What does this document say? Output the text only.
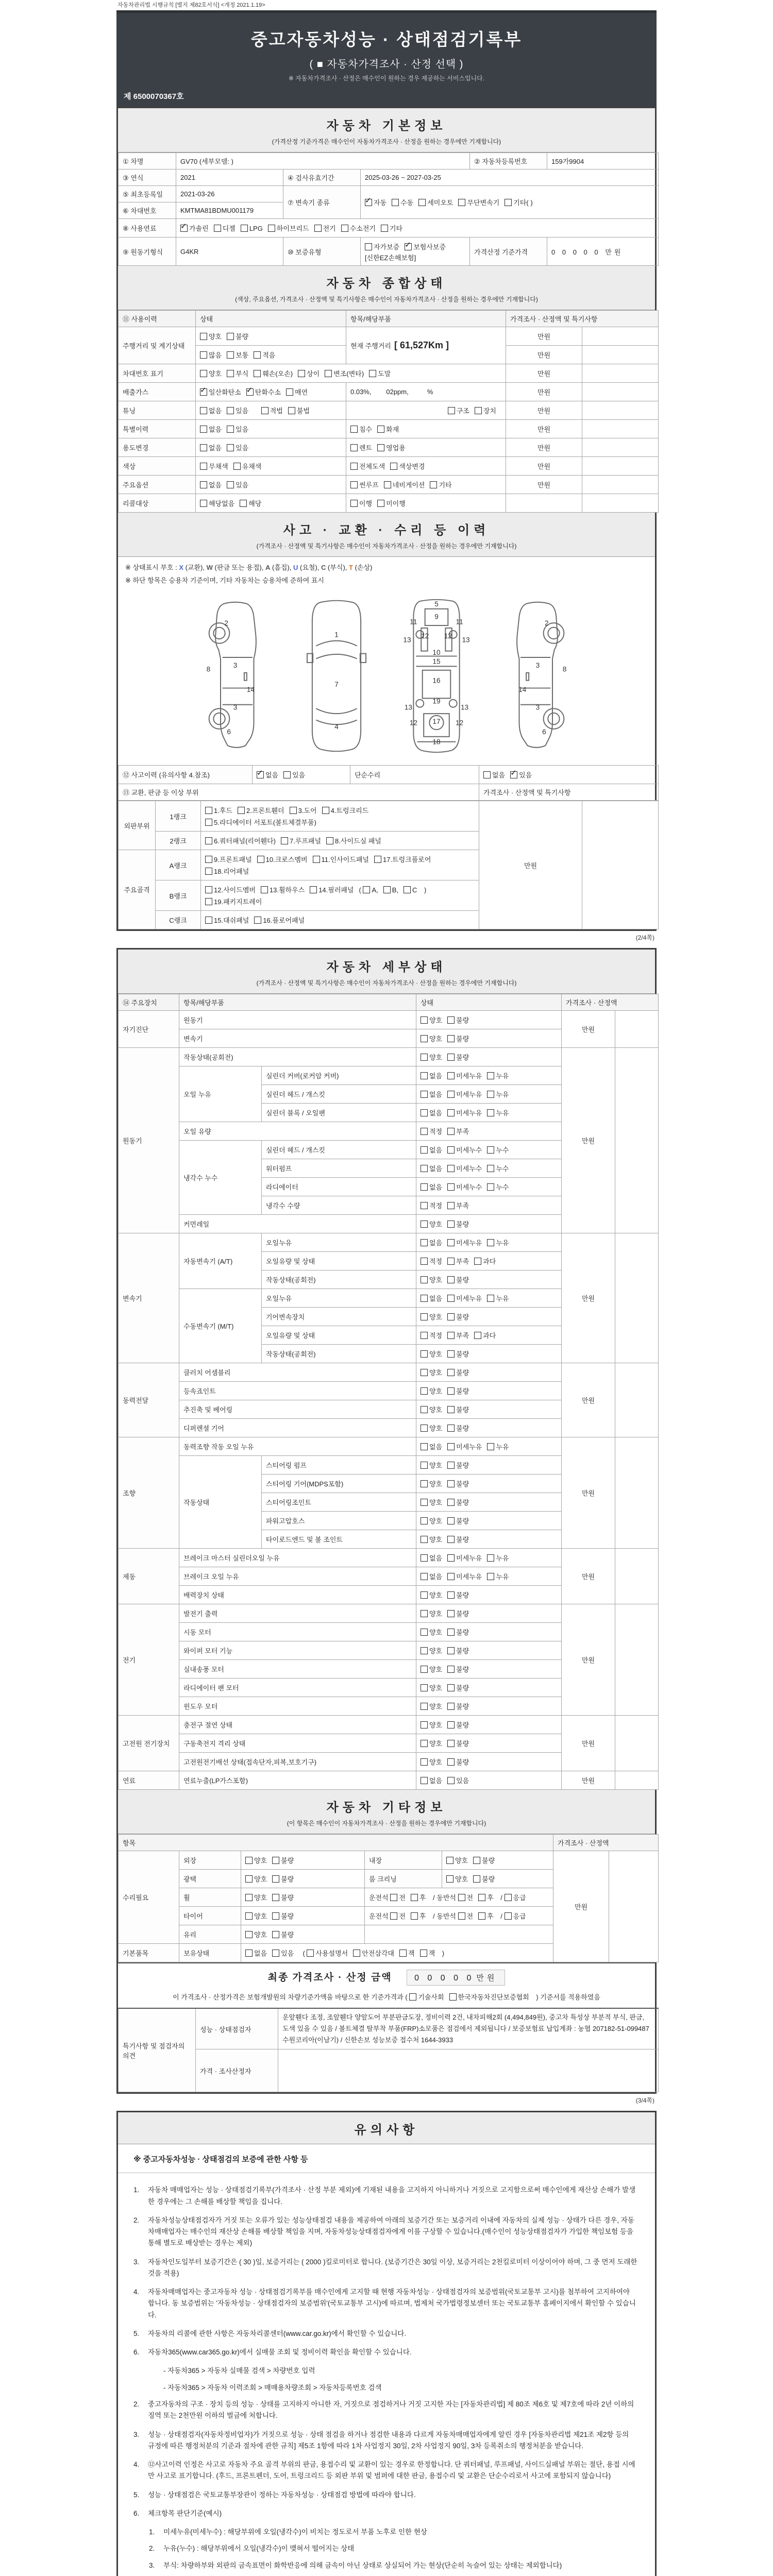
자동차관리법 시행규칙 [별지 제82호서식] <개정 2021.1.19>
중고자동차성능 · 상태점검기록부
( ■ 자동차가격조사 · 산정 선택 )
※ 자동차가격조사 · 산정은 매수인이 원하는 경우 제공하는 서비스입니다.
제 6500070367호
자동차 기본정보
(가격산정 기준가격은 매수인이 자동차가격조사 · 산정을 원하는 경우에만 기재합니다)
① 차명	GV70 (세부모델: )			② 자동차등록번호	159가9904
③ 연식	2021	④ 검사유효기간	2025-03-26 ~ 2027-03-25		
⑤ 최초등록일	2021-03-26	⑦ 변속기 종류	✓자동 수동 세미오토 무단변속기 기타( )
⑥ 차대번호	KMTMA81BDMU001179				
⑧ 사용연료	✓가솔린 디젤 LPG 하이브리드 전기 수소전기 기타
⑨ 원동기형식	G4KR	⑩ 보증유형	자가보증 ✓ 보험사보증[신한EZ손해보험]	가격산정 기준가격	0 0 0 0 0 만원
자동차 종합상태
(색상, 주요옵션, 가격조사 · 산정액 및 특기사항은 매수인이 자동차가격조사 · 산정을 원하는 경우에만 기재합니다)
⑪ 사용이력	상태	항목/해당부품	가격조사 · 산정액 및 특기사항	
주행거리 및 계기상태	양호 불량	현재 주행거리 [ 61,527Km ]	만원	
	많음 보통 적음		만원	
차대번호 표기	양호 부식 훼손(오손) 상이 변조(변타) 도말		만원	
배출가스	✓일산화탄소 ✓ 탄화수소 매연	0.03%,        02ppm,          %	만원	
튜닝	없음 있음 적법 불법	구조 장치	만원	
특별이력	없음 있음	침수 화재	만원	
용도변경	없음 있음	렌트 영업용	만원	
색상	무채색 유채색	전체도색 색상변경	만원	
주요옵션	없음 있음	썬루프 네비게이션 기타	만원	
리콜대상	해당없음 해당	이행 미이행		
사고 · 교환 · 수리 등 이력
(가격조사 · 산정액 및 특기사항은 매수인이 자동차가격조사 · 산정을 원하는 경우에만 기재합니다)
※ 상태표시 부호 : X (교환), W (판금 또는 용접), A (흠집), U (요철), C (부식), T (손상)
※ 하단 항목은 승용차 기준이며, 기타 자동차는 승용차에 준하여 표시
2
8	3
14
3
6
1
7
4
5
11
9
11
13 12	12 13
10
15
16
19
13	13
12	12
17
18
2
8
3
14
3
6
⑫ 사고이력 (유의사항 4.참조)	✓없음 있음	단순수리	없음 ✓ 있음
⑬ 교환, 판금 등 이상 부위			가격조사 · 산정액 및 특기사항
외판부위	1랭크	1.후드 2.프론트휀더 3.도어 4.트렁크리드5.라디에이터 서포트(볼트체결부품)	만원	
	2랭크	6.쿼터패널(리어휀다) 7.루프패널 8.사이드실 패널		
주요골격	A랭크	9.프론트패널 10.크로스멤버 11.인사이드패널 17.트렁크플로어18.리어패널		
	B랭크	12.사이드멤버 13.휠하우스 14.필러패널 ( A, B, C )19.패키지트레이		
	C랭크	15.대쉬패널 16.플로어패널		
(2/4쪽)
자동차 세부상태
(가격조사 · 산정액 및 특기사항은 매수인이 자동차가격조사 · 산정을 원하는 경우에만 기재합니다)
⑭ 주요장치	항목/해당부품		상태	가격조사 · 산정액	
자기진단	원동기		양호 불량	만원	
	변속기		양호 불량		
원동기	작동상태(공회전)		양호 불량	만원	
	오일 누유	실린더 커버(로커암 커버)	없음 미세누유 누유		
		실린더 헤드 / 개스킷	없음 미세누유 누유		
		실린더 블록 / 오일팬	없음 미세누유 누유		
	오일 유량		적정 부족		
	냉각수 누수	실린더 헤드 / 개스킷	없음 미세누수 누수		
		워터펌프	없음 미세누수 누수		
		라디에이터	없음 미세누수 누수		
		냉각수 수량	적정 부족		
	커먼레일		양호 불량		
변속기	자동변속기 (A/T)	오일누유	없음 미세누유 누유	만원	
		오일유량 및 상태	적정 부족 과다		
		작동상태(공회전)	양호 불량		
	수동변속기 (M/T)	오일누유	없음 미세누유 누유		
		기어변속장치	양호 불량		
		오일유량 및 상태	적정 부족 과다		
		작동상태(공회전)	양호 불량		
동력전달	클러치 어셈블리		양호 불량	만원	
	등속죠인트		양호 불량		
	추진축 및 베어링		양호 불량		
	디퍼렌셜 기어		양호 불량		
조향	동력조향 작동 오일 누유		없음 미세누유 누유	만원	
	작동상태	스티어링 펌프	양호 불량		
		스티어링 기어(MDPS포함)	양호 불량		
		스티어링조인트	양호 불량		
		파워고압호스	양호 불량		
		타이로드엔드 및 볼 조인트	양호 불량		
제동	브레이크 마스터 실린더오일 누유		없음 미세누유 누유	만원	
	브레이크 오일 누유		없음 미세누유 누유		
	배력장치 상태		양호 불량		
전기	발전기 출력		양호 불량	만원	
	시동 모터		양호 불량		
	와이퍼 모터 기능		양호 불량		
	실내송풍 모터		양호 불량		
	라디에이터 팬 모터		양호 불량		
	윈도우 모터		양호 불량		
고전원 전기장치	충전구 절연 상태		양호 불량	만원	
	구동축전지 격리 상태		양호 불량		
	고전원전기배선 상태(접속단자,피복,보호기구)		양호 불량		
연료	연료누출(LP가스포함)		없음 있음	만원	
자동차 기타정보
(이 항목은 매수인이 자동차가격조사 · 산정을 원하는 경우에만 기재합니다)
항목					가격조사 · 산정액	
수리필요	외장	양호 불량	내장	양호 불량	만원	
	광택	양호 불량	룸 크리닝	양호 불량		
	휠	양호 불량	운전석 전 후 / 동반석 전 후 / 응급			
	타이어	양호 불량	운전석 전 후 / 동반석 전 후 / 응급			
	유리	양호 불량				
기본품목	보유상태	없음 있음  ( 사용설명서 안전삼각대 잭 잭 )				
최종 가격조사 · 산정 금액	0 0 0 0 0 만원
이 가격조사 · 산정가격은 보험개발원의 차량기준가액을 바탕으로 한 기준가격과 ( 기술사회 한국자동차진단보증협회 ) 기준서를 적용하였음
특기사항 및 점검자의 의견	성능 · 상태점검자	운앞휀다 조정, 조앞휀다 양앞도어 부분판금도장, 정비이력 2건, 내차피해2회 (4,494,849원), 중고차 특성상 부분적 부식, 판금, 도색 있을 수 있음 / 볼트체결 탈부착 부품(FRP)소모품은 점검에서 제외됩니다 / 보증보험료 납입계좌 : 농협 207182-51-099487 수원코리아(이남기) / 신한손보 성능보증 접수처 1644-3933
	가격 · 조사산정자	
(3/4쪽)
유의사항
※ 중고자동차성능 · 상태점검의 보증에 관한 사항 등
1.	자동차 매매업자는 성능 · 상태점검기록부(가격조사 · 산정 부분 제외)에 기재된 내용을 고지하지 아니하거나 거짓으로 고지함으로써 매수인에게 재산상 손해가 발생한 경우에는 그 손해를 배상할 책임을 집니다.
2.	자동차성능상태점검자가 거짓 또는 오류가 있는 성능상태점검 내용을 제공하여 아래의 보증기간 또는 보증거리 이내에 자동차의 실제 성능 · 상태가 다른 경우, 자동차매매업자는 매수인의 재산상 손해를 배상할 책임을 지며, 자동차성능상태점검자에게 이를 구상할 수 있습니다.(매수인이 성능상태점검자가 가입한 책임보험 등을 통해 별도로 배상받는 경우는 제외)
3.	자동차인도일부터 보증기간은 ( 30 )일, 보증거리는 ( 2000 )킬로미터로 합니다. (보증기간은 30일 이상, 보증거리는 2천킬로미터 이상이어야 하며, 그 중 먼저 도래한 것을 적용)
4.	자동차매매업자는 중고자동차 성능 · 상태점검기록부를 매수인에게 고지할 때 현행 자동차성능 · 상태점검자의 보증범위(국토교통부 고시)를 첨부하여 고지하여야 합니다. 동 보증범위는 '자동차성능 · 상태점검자의 보증범위'(국토교통부 고시)에 따르며, 법제처 국가법령정보센터 또는 국토교통부 홈페이지에서 확인할 수 있습니다.
5.	자동차의 리콜에 관한 사항은 자동차리콜센터(www.car.go.kr)에서 확인할 수 있습니다.
6.	자동차365(www.car365.go.kr)에서 실매물 조회 및 정비이력 확인을 확인할 수 있습니다.
- 자동차365 > 자동차 실매물 검색 > 차량번호 입력
- 자동차365 > 자동차 이력조회 > 매매용차량조회 > 자동차등록번호 검색
2.	중고자동차의 구조 · 장치 등의 성능 · 상태를 고지하지 아니한 자, 거짓으로 점검하거나 거짓 고지한 자는 [자동차관리법] 제 80조 제6호 및 제7호에 따라 2년 이하의 징역 또는 2천만원 이하의 벌금에 처합니다.
3.	성능 · 상태점검자(자동차정비업자)가 거짓으로 성능 · 상태 점검을 하거나 점검한 내용과 다르게 자동차매매업자에게 알린 경우 [자동차관리법 제21조 제2항 등의 규정에 따른 행정처분의 기준과 절차에 관한 규칙] 제5조 1항에 따라 1차 사업정지 30일, 2차 사업정지 90일, 3차 등록취소의 행정처분을 받습니다.
4.	⑫사고이력 인정은 사고로 자동차 주요 골격 부위의 판금, 용접수리 및 교환이 있는 경우로 한정합니다. 단 쿼터패널, 루프패널, 사이드실패널 부위는 절단, 용접 시에만 사고로 표기합니다. (후드, 프론트펜더, 도어, 트렁크리드 등 외판 부위 및 범퍼에 대한 판금, 용접수리 및 교환은 단순수리로서 사고에 포함되지 않습니다)
5.	성능 · 상태점검은 국토교통부장관이 정하는 자동차성능 · 상태점검 방법에 따라야 합니다.
6.	체크항목 판단기준(예시)
1.	미세누유(미세누수) : 해당부위에 오일(냉각수)이 비치는 정도로서 부품 노후로 인한 현상
2.	누유(누수) : 해당부위에서 오일(냉각수)이 맺혀서 떨어지는 상태
3.	부식: 차량하부와 외판의 금속표면이 화학반응에 의해 금속이 아닌 상태로 상실되어 가는 현상(단순히 녹슬어 있는 상태는 제외합니다)
